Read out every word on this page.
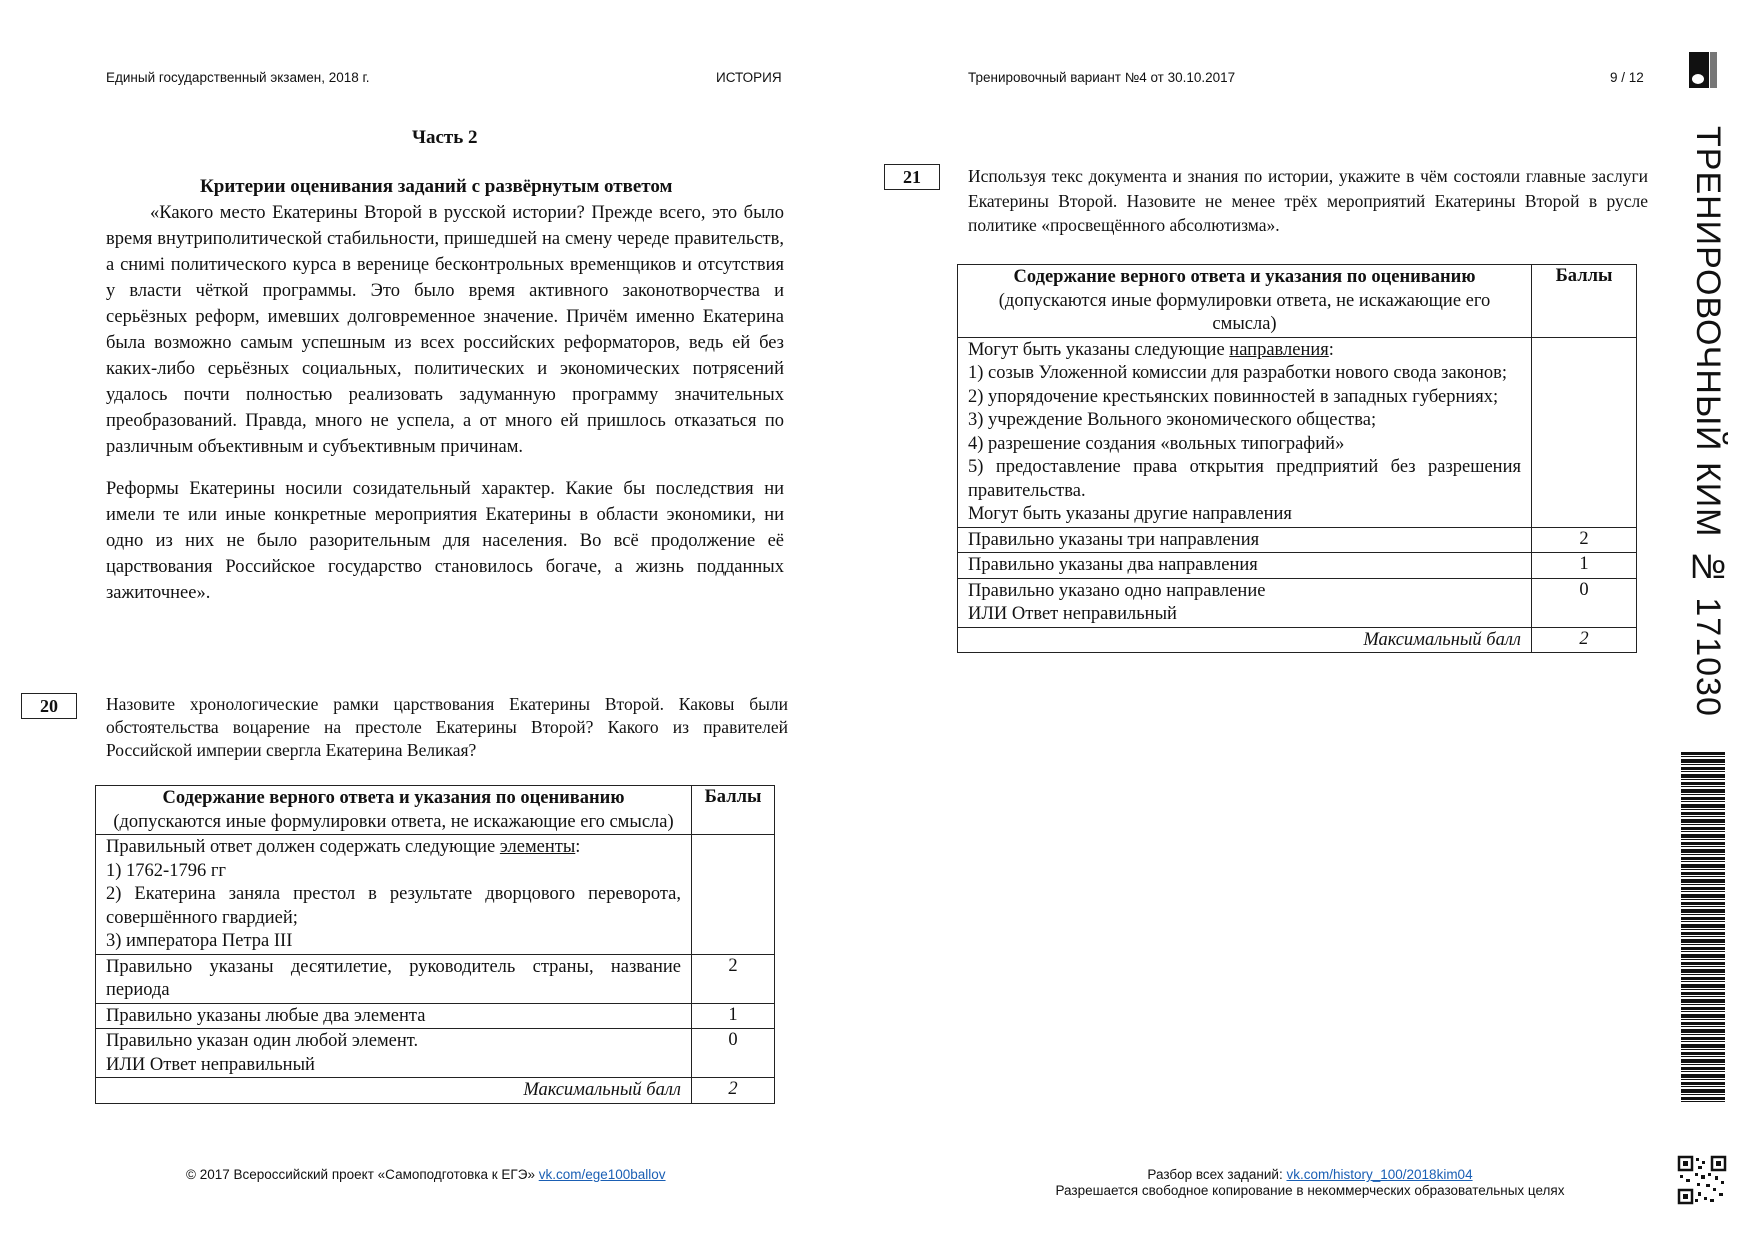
Единый государственный экзамен, 2018 г.	ИСТОРИЯ	Тренировочный вариант №4 от 30.10.2017	9 / 12
Часть 2
Критерии оценивания заданий с развёрнутым ответом

«Какого место Екатерины Второй в русской истории? Прежде всего, это было время внутриполитической стабильности, пришедшей на смену череде правительств, а снимi политического курса в веренице бесконтрольных временщиков и отсутствия у власти чёткой программы. Это было время активного законотворчества и серьёзных реформ, имевших долговременное значение. Причём именно Екатерина была возможно самым успешным из всех российских реформаторов, ведь ей без каких-либо серьёзных социальных, политических и экономических потрясений удалось почти полностью реализовать задуманную программу значительных преобразований. Правда, много не успела, а от много ей пришлось отказаться по различным объективным и субъективным причинам.

Реформы Екатерины носили созидательный характер. Какие бы последствия ни имели те или иные конкретные мероприятия Екатерины в области экономики, ни одно из них не было разорительным для населения. Во всё продолжение её царствования Российское государство становилось богаче, а жизнь подданных зажиточнее».

20	Назовите хронологические рамки царствования Екатерины Второй. Каковы были обстоятельства воцарение на престоле Екатерины Второй? Какого из правителей Российской империи свергла Екатерина Великая?
Содержание верного ответа и указания по оцениванию
(допускаются иные формулировки ответа, не искажающие его смысла)	Баллы
Правильный ответ должен содержать следующие элементы:
1) 1762-1796 гг
2) Екатерина заняла престол в результате дворцового переворота, совершённого гвардией;
3) императора Петра III	
Правильно указаны десятилетие, руководитель страны, название периода	2
Правильно указаны любые два элемента	1
Правильно указан один любой элемент.
ИЛИ Ответ неправильный	0
Максимальный балл	2
21	Используя текс документа и знания по истории, укажите в чём состояли главные заслуги Екатерины Второй. Назовите не менее трёх мероприятий Екатерины Второй в русле политике «просвещённого абсолютизма».
Содержание верного ответа и указания по оцениванию
(допускаются иные формулировки ответа, не искажающие его смысла)	Баллы
Могут быть указаны следующие направления:
1) созыв Уложенной комиссии для разработки нового свода законов;
2) упорядочение крестьянских повинностей в западных губерниях;
3) учреждение Вольного экономического общества;
4) разрешение создания «вольных типографий»
5) предоставление права открытия предприятий без разрешения правительства.
Могут быть указаны другие направления	
Правильно указаны три направления	2
Правильно указаны два направления	1
Правильно указано одно направление
ИЛИ Ответ неправильный	0
Максимальный балл	2
© 2017 Всероссийский проект «Самоподготовка к ЕГЭ» vk.com/ege100ballov	Разбор всех заданий: vk.com/history_100/2018kim04
Разрешается свободное копирование в некоммерческих образовательных целях
ТРЕНИРОВОЧНЫЙ КИМ № 171030
